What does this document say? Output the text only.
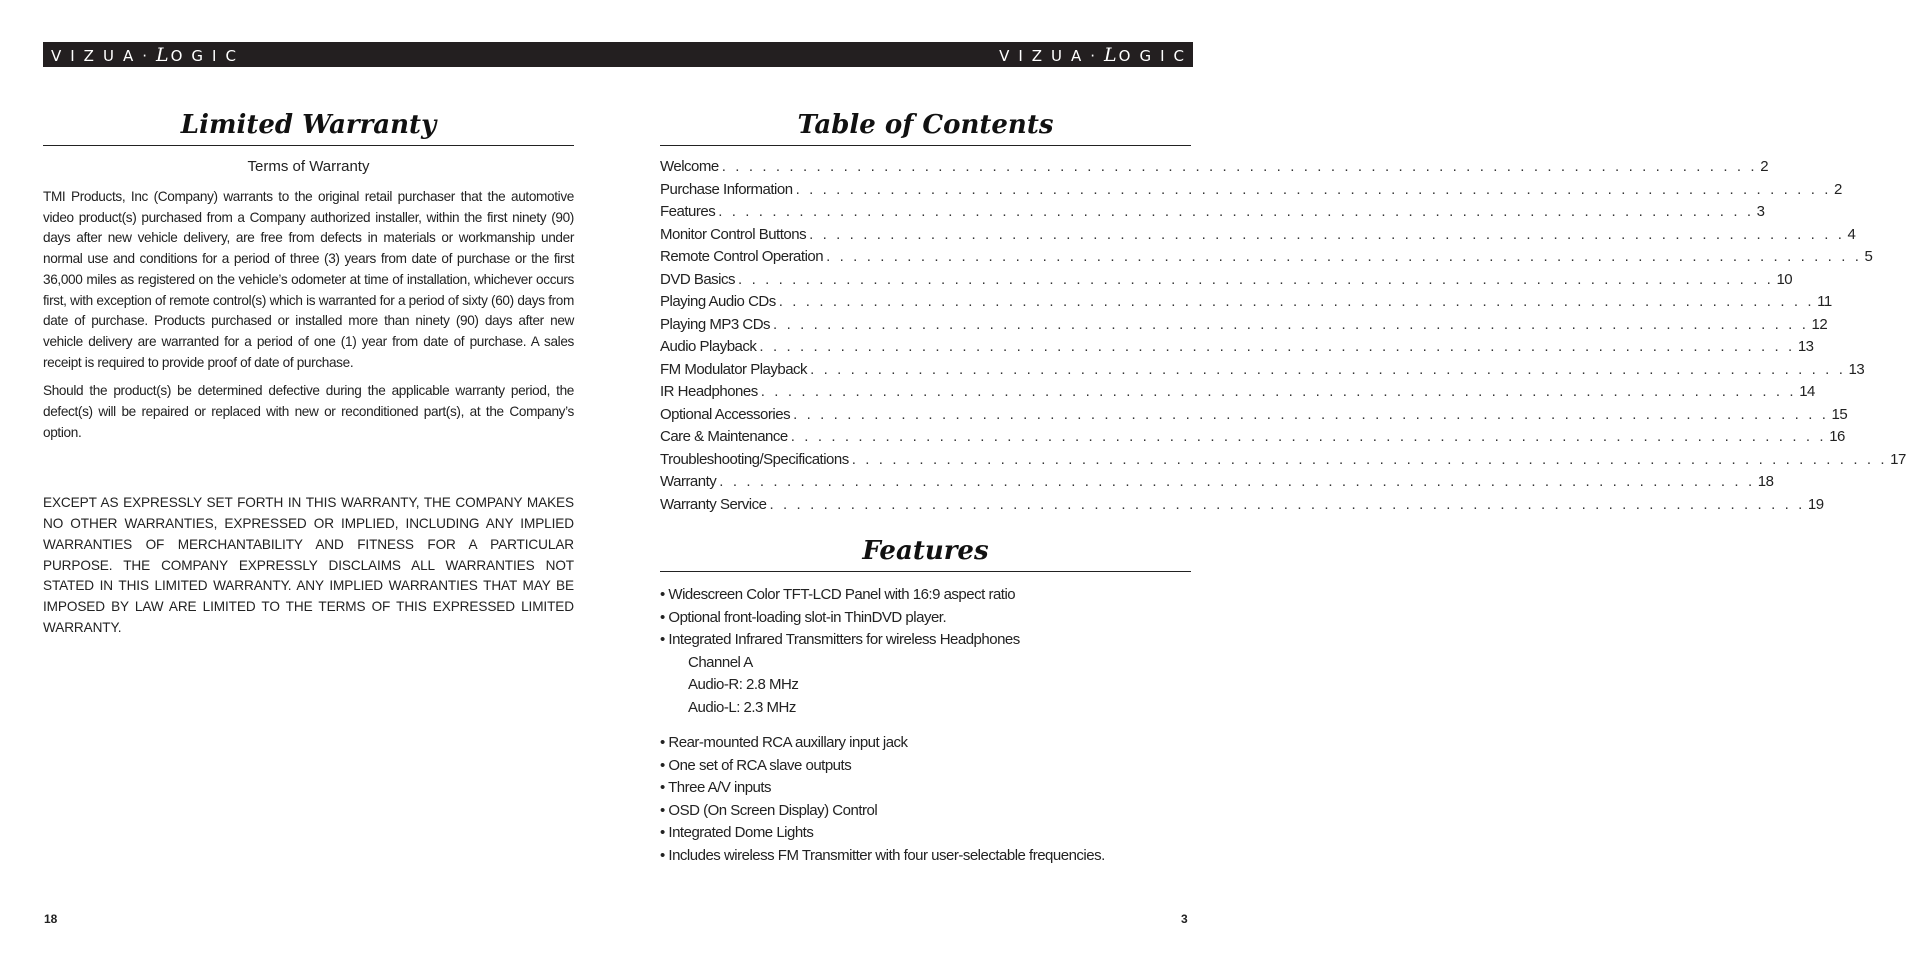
VIZUA·LOGIC	VIZUA·LOGIC
Limited Warranty
Terms of Warranty

TMI Products, Inc (Company) warrants to the original retail purchaser that the automotive video product(s) purchased from a Company authorized installer, within the first ninety (90) days after new vehicle delivery, are free from defects in materials or workmanship under normal use and conditions for a period of three (3) years from date of purchase or the first 36,000 miles as registered on the vehicle’s odometer at time of installation, whichever occurs first, with exception of remote control(s) which is warranted for a period of sixty (60) days from date of purchase. Products purchased or installed more than ninety (90) days after new vehicle delivery are warranted for a period of one (1) year from date of purchase. A sales receipt is required to provide proof of date of purchase.

Should the product(s) be determined defective during the applicable warranty period, the defect(s) will be repaired or replaced with new or reconditioned part(s), at the Company’s option.

EXCEPT AS EXPRESSLY SET FORTH IN THIS WARRANTY, THE COMPANY MAKES NO OTHER WARRANTIES, EXPRESSED OR IMPLIED, INCLUDING ANY IMPLIED WARRANTIES OF MERCHANTABILITY AND FITNESS FOR A PARTICULAR PURPOSE. THE COMPANY EXPRESSLY DISCLAIMS ALL WARRANTIES NOT STATED IN THIS LIMITED WARRANTY. ANY IMPLIED WARRANTIES THAT MAY BE IMPOSED BY LAW ARE LIMITED TO THE TERMS OF THIS EXPRESSED LIMITED WARRANTY.

Table of Contents
Welcome . . . . . . . . . . . . . . . . . . . . . . . . . . . . . . . . . . . . . . . . . . . . . . . . . . . . . . . . . . . . . . . . . . . . . . . . . . . . . 2
Purchase Information . . . . . . . . . . . . . . . . . . . . . . . . . . . . . . . . . . . . . . . . . . . . . . . . . . . . . . . . . . . . . . . . . . . . . . . . . . . . . 2
Features . . . . . . . . . . . . . . . . . . . . . . . . . . . . . . . . . . . . . . . . . . . . . . . . . . . . . . . . . . . . . . . . . . . . . . . . . . . . . 3
Monitor Control Buttons . . . . . . . . . . . . . . . . . . . . . . . . . . . . . . . . . . . . . . . . . . . . . . . . . . . . . . . . . . . . . . . . . . . . . . . . . . . . . 4
Remote Control Operation . . . . . . . . . . . . . . . . . . . . . . . . . . . . . . . . . . . . . . . . . . . . . . . . . . . . . . . . . . . . . . . . . . . . . . . . . . . . . 5
DVD Basics . . . . . . . . . . . . . . . . . . . . . . . . . . . . . . . . . . . . . . . . . . . . . . . . . . . . . . . . . . . . . . . . . . . . . . . . . . . . . 10
Playing Audio CDs . . . . . . . . . . . . . . . . . . . . . . . . . . . . . . . . . . . . . . . . . . . . . . . . . . . . . . . . . . . . . . . . . . . . . . . . . . . . . 11
Playing MP3 CDs . . . . . . . . . . . . . . . . . . . . . . . . . . . . . . . . . . . . . . . . . . . . . . . . . . . . . . . . . . . . . . . . . . . . . . . . . . . . . 12
Audio Playback . . . . . . . . . . . . . . . . . . . . . . . . . . . . . . . . . . . . . . . . . . . . . . . . . . . . . . . . . . . . . . . . . . . . . . . . . . . . . 13
FM Modulator Playback . . . . . . . . . . . . . . . . . . . . . . . . . . . . . . . . . . . . . . . . . . . . . . . . . . . . . . . . . . . . . . . . . . . . . . . . . . . . . 13
IR Headphones . . . . . . . . . . . . . . . . . . . . . . . . . . . . . . . . . . . . . . . . . . . . . . . . . . . . . . . . . . . . . . . . . . . . . . . . . . . . . 14
Optional Accessories . . . . . . . . . . . . . . . . . . . . . . . . . . . . . . . . . . . . . . . . . . . . . . . . . . . . . . . . . . . . . . . . . . . . . . . . . . . . . 15
Care & Maintenance . . . . . . . . . . . . . . . . . . . . . . . . . . . . . . . . . . . . . . . . . . . . . . . . . . . . . . . . . . . . . . . . . . . . . . . . . . . . . 16
Troubleshooting/Specifications . . . . . . . . . . . . . . . . . . . . . . . . . . . . . . . . . . . . . . . . . . . . . . . . . . . . . . . . . . . . . . . . . . . . . . . . . . . . . 17
Warranty . . . . . . . . . . . . . . . . . . . . . . . . . . . . . . . . . . . . . . . . . . . . . . . . . . . . . . . . . . . . . . . . . . . . . . . . . . . . . 18
Warranty Service . . . . . . . . . . . . . . . . . . . . . . . . . . . . . . . . . . . . . . . . . . . . . . . . . . . . . . . . . . . . . . . . . . . . . . . . . . . . . 19
Features
• Widescreen Color TFT-LCD Panel with 16:9 aspect ratio
• Optional front-loading slot-in ThinDVD player.
• Integrated Infrared Transmitters for wireless Headphones
Channel A
Audio-R: 2.8 MHz
Audio-L: 2.3 MHz
• Rear-mounted RCA auxillary input jack
• One set of RCA slave outputs
• Three A/V inputs
• OSD (On Screen Display) Control
• Integrated Dome Lights
• Includes wireless FM Transmitter with four user-selectable frequencies.
18	3
